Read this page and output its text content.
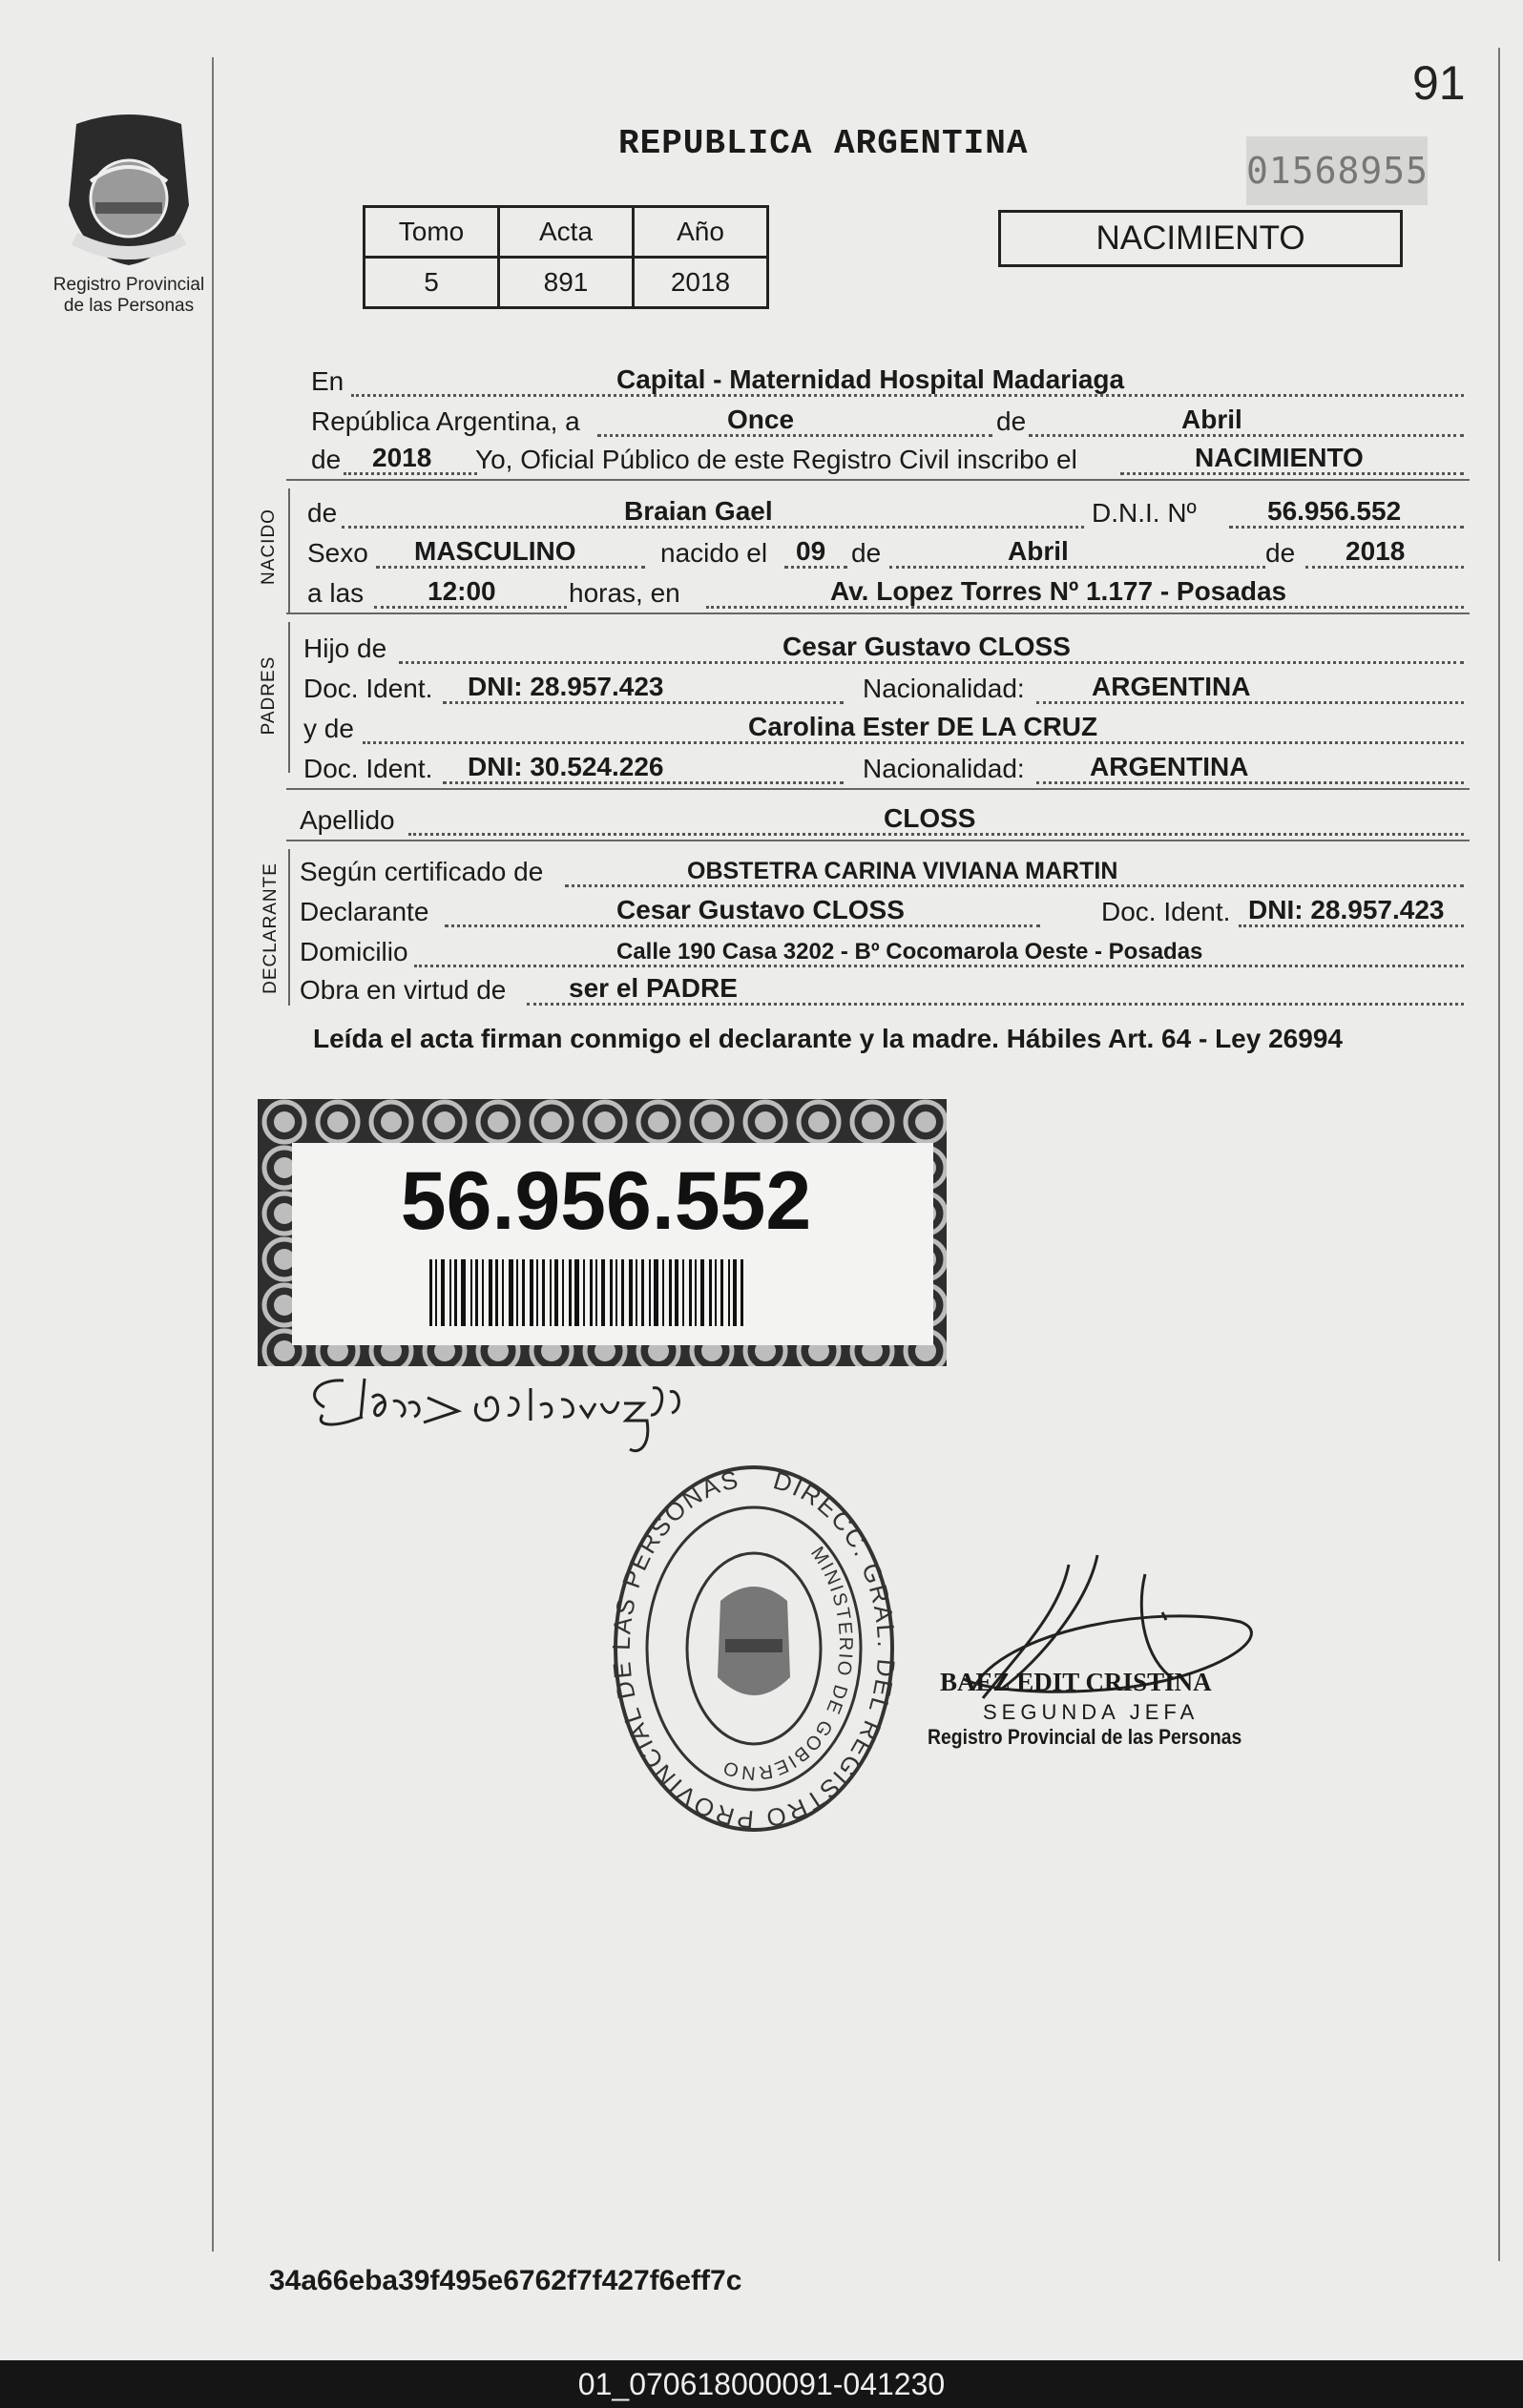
91
Registro Provincial
de las Personas
REPUBLICA ARGENTINA
01568955
Tomo	Acta	Año
5	891	2018
NACIMIENTO
En	Capital - Maternidad Hospital Madariaga
República Argentina, a	Once	de	Abril
de 2018 Yo, Oficial Público de este Registro Civil inscribo el	NACIMIENTO
NACIDO de	Braian Gael	D.N.I. Nº	56.956.552
Sexo MASCULINO	nacido el 09 de	Abril	de 2018
a las 12:00	horas, en	Av. Lopez Torres Nº 1.177 - Posadas
PADRES
Hijo de	Cesar Gustavo CLOSS
Doc. Ident. DNI: 28.957.423	Nacionalidad:	ARGENTINA
y de	Carolina Ester DE LA CRUZ
Doc. Ident. DNI: 30.524.226	Nacionalidad: ARGENTINA
Apellido	CLOSS
DECLARANTE Según certificado de	OBSTETRA CARINA VIVIANA MARTIN
Declarante	Cesar Gustavo CLOSS	Doc. Ident. DNI: 28.957.423
Domicilio	Calle 190 Casa 3202 - Bº Cocomarola Oeste - Posadas
Obra en virtud de ser el PADRE
Leída el acta firman conmigo el declarante y la madre. Hábiles Art. 64 - Ley 26994
56.956.552
DIRECC. GRA EL REGISTRO PROVINCIAL D S PERSONAS
MINISTERIO DE GOBIERNO
BAEZ EDIT CRISTINA
SEGUNDA JEFA
Registro Provincial de las Personas
34a66eba39f495e6762f7f427f6eff7c
01_070618000091-041230
